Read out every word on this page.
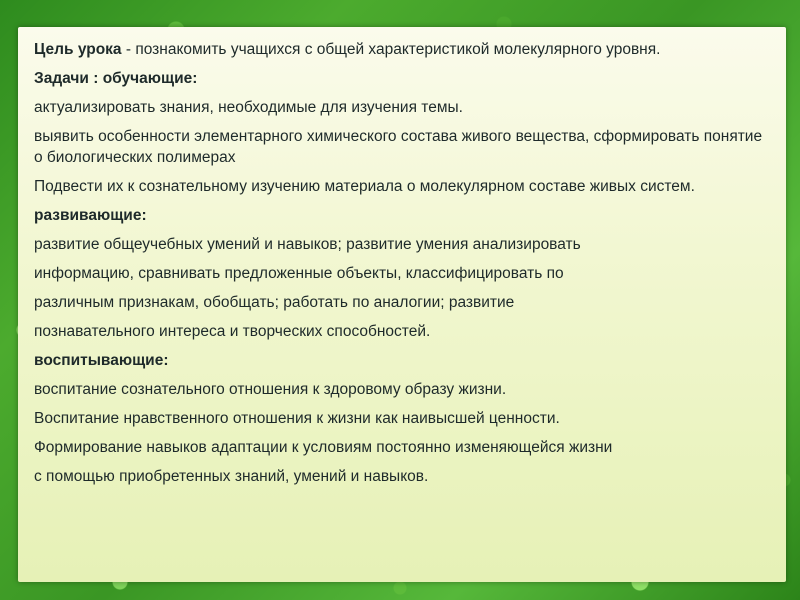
Цель урока - познакомить учащихся с общей характеристикой молекулярного уровня.
Задачи : обучающие:
актуализировать знания, необходимые для изучения темы.
выявить особенности элементарного химического состава живого вещества, сформировать понятие о биологических полимерах
Подвести их к сознательному изучению материала о молекулярном составе живых систем.
развивающие:
развитие общеучебных умений и навыков; развитие умения анализировать
информацию, сравнивать предложенные объекты, классифицировать по
различным признакам, обобщать; работать по аналогии; развитие
познавательного интереса и творческих способностей.
воспитывающие:
воспитание сознательного отношения к здоровому образу жизни.
Воспитание нравственного отношения к жизни как наивысшей ценности.
Формирование навыков адаптации к условиям постоянно изменяющейся жизни
с помощью приобретенных знаний, умений и навыков.
